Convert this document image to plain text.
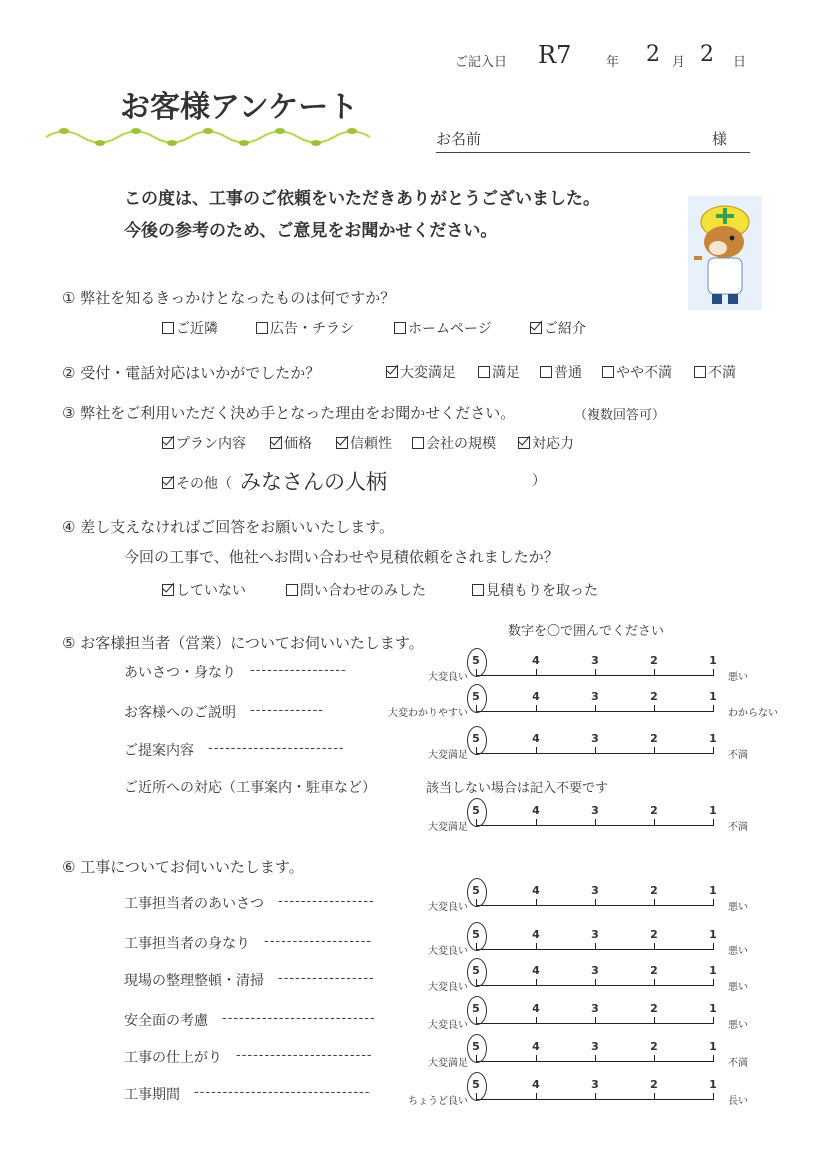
ご記入日 R7	年 2 月 2 日
お客様アンケート
お名前	様
この度は、工事のご依頼をいただきありがとうございました。
今後の参考のため、ご意見をお聞かせください。
① 弊社を知るきっかけとなったものは何ですか？
ご近隣	広告・チラシ	ホームページ	ご紹介
② 受付・電話対応はいかがでしたか？	大変満足	満足	普通	やや不満	不満
③ 弊社をご利用いただく決め手となった理由をお聞かせください。	（複数回答可）
プラン内容	価格	信頼性	会社の規模	対応力
その他（ みなさんの人柄	）
④ 差し支えなければご回答をお願いいたします。
今回の工事で、他社へお問い合わせや見積依頼をされましたか？
していない	問い合わせのみした	見積もりを取った
⑤ お客様担当者（営業）についてお伺いいたします。
数字を〇で囲んでください
あいさつ・身なり -----------------	大変良い	悪い
5	4	3	2	1
お客様へのご説明 -------------	大変わかりやすい	わからない
5	4	3	2	1
ご提案内容 ------------------------	大変満足	不満
5	4	3	2	1
ご近所への対応（工事案内・駐車など）
大変満足	不満
5	4	3	2	1
該当しない場合は記入不要です
⑥ 工事についてお伺いいたします。
工事担当者のあいさつ -----------------	大変良い	悪い
5	4	3	2	1
工事担当者の身なり -------------------
大変良い	悪い
5	4	3	2	1
現場の整理整頓・清掃 -----------------
大変良い	悪い
5	4	3	2	1
安全面の考慮 ---------------------------	大変良い	悪い
5	4	3	2	1
工事の仕上がり ------------------------
大変満足	不満
5	4	3	2	1
工事期間 -------------------------------
ちょうど良い	長い
5	4	3	2	1
